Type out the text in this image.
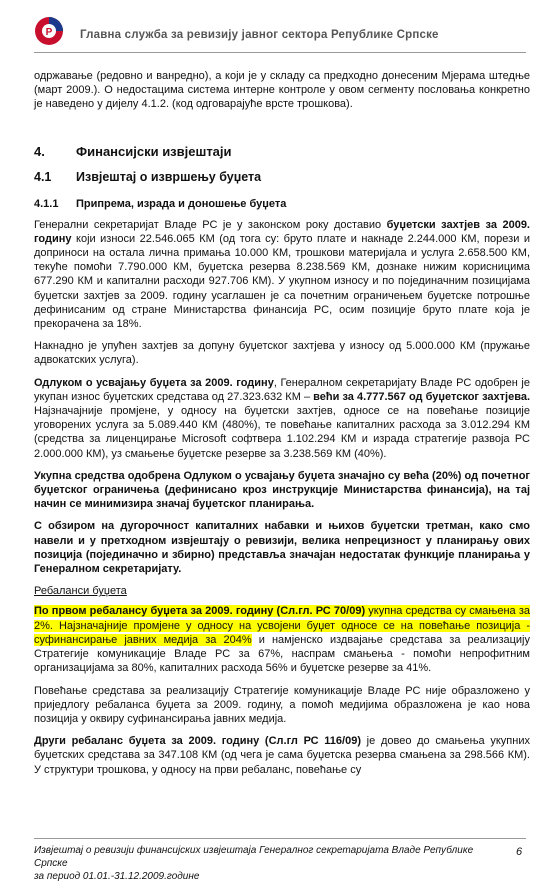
Р Главна служба за ревизију јавног сектора Републике Српске

одржавање (редовно и ванредно), а који је у складу са предходно донесеним Мјерама штедње (март 2009.). О недостацима система интерне контроле у овом сегменту пословања конкретно је наведено у дијелу 4.1.2. (код одговарајуће врсте трошкова).

4.	Финансијски извјештаји
4.1	Извјештај о извршењу буџета
4.1.1	Припрема, израда и доношење буџета

Генерални секретаријат Владе РС је у законском року доставио буџетски захтјев за 2009. годину који износи 22.546.065 КМ (од тога су: бруто плате и накнаде 2.244.000 КМ, порези и доприноси на остала лична примања 10.000 КМ, трошкови материјала и услуга 2.658.500 КМ, текуће помоћи 7.790.000 КМ, буџетска резерва 8.238.569 КМ, дознаке нижим корисницима 677.290 КМ и капитални расходи 927.706 КМ). У укупном износу и по појединачним позицијама буџетски захтјев за 2009. годину усаглашен је са почетним ограничењем буџетске потрошње дефинисаним од стране Министарства финансија РС, осим позиције бруто плате која је прекорачена за 18%.

Накнадно је упућен захтјев за допуну буџетског захтјева у износу од 5.000.000 КМ (пружање адвокатских услуга).

Одлуком о усвајању буџета за 2009. годину, Генералном секретаријату Владе РС одобрен је укупан износ буџетских средстава од 27.323.632 КМ – већи за 4.777.567 од буџетског захтјева. Најзначајније промјене, у односу на буџетски захтјев, односе се на повећање позиције уговорених услуга за 5.089.440 КМ (480%), те повећање капиталних расхода за 3.012.294 КМ (средства за лиценцирање Microsoft софтвера 1.102.294 КМ и израда стратегије развоја РС 2.000.000 КМ), уз смањење буџетске резерве за 3.238.569 КМ (40%).

Укупна средства одобрена Одлуком о усвајању буџета значајно су већа (20%) од почетног буџетског ограничења (дефинисано кроз инструкције Министарства финансија), на тај начин се минимизира значај буџетског планирања.

С обзиром на дугорочност капиталних набавки и њихов буџетски третман, како смо навели и у претходном извјештају о ревизији, велика непрецизност у планирању ових позиција (појединачно и збирно) представља значајан недостатак функције планирања у Генералном секретаријату.

Ребаланси буџета

По првом ребалансу буџета за 2009. годину (Сл.гл. РС 70/09) укупна средства су смањена за 2%. Најзначајније промјене у односу на усвојени буџет односе се на повећање позиција - суфинансирање јавних медија за 204% и намјенско издвајање средстава за реализацију Стратегије комуникације Владе РС за 67%, наспрам смањења - помоћи непрофитним организацијама за 80%, капиталних расхода 56% и буџетске резерве за 41%.

Повећање средстава за реализацију Стратегије комуникације Владе РС није образложено у приједлогу ребаланса буџета за 2009. годину, а помоћ медијима образложена је као нова позиција у оквиру суфинансирања јавних медија.

Други ребаланс буџета за 2009. годину (Сл.гл РС 116/09) је довео до смањења укупних буџетских средстава за 347.108 КМ (од чега је сама буџетска резерва смањена за 298.566 КМ). У структури трошкова, у односу на први ребаланс, повећање су

Извјештај о ревизији финансијских извјештаја Генералног секретаријата Владе Републике Српске
за период 01.01.-31.12.2009.године
6
